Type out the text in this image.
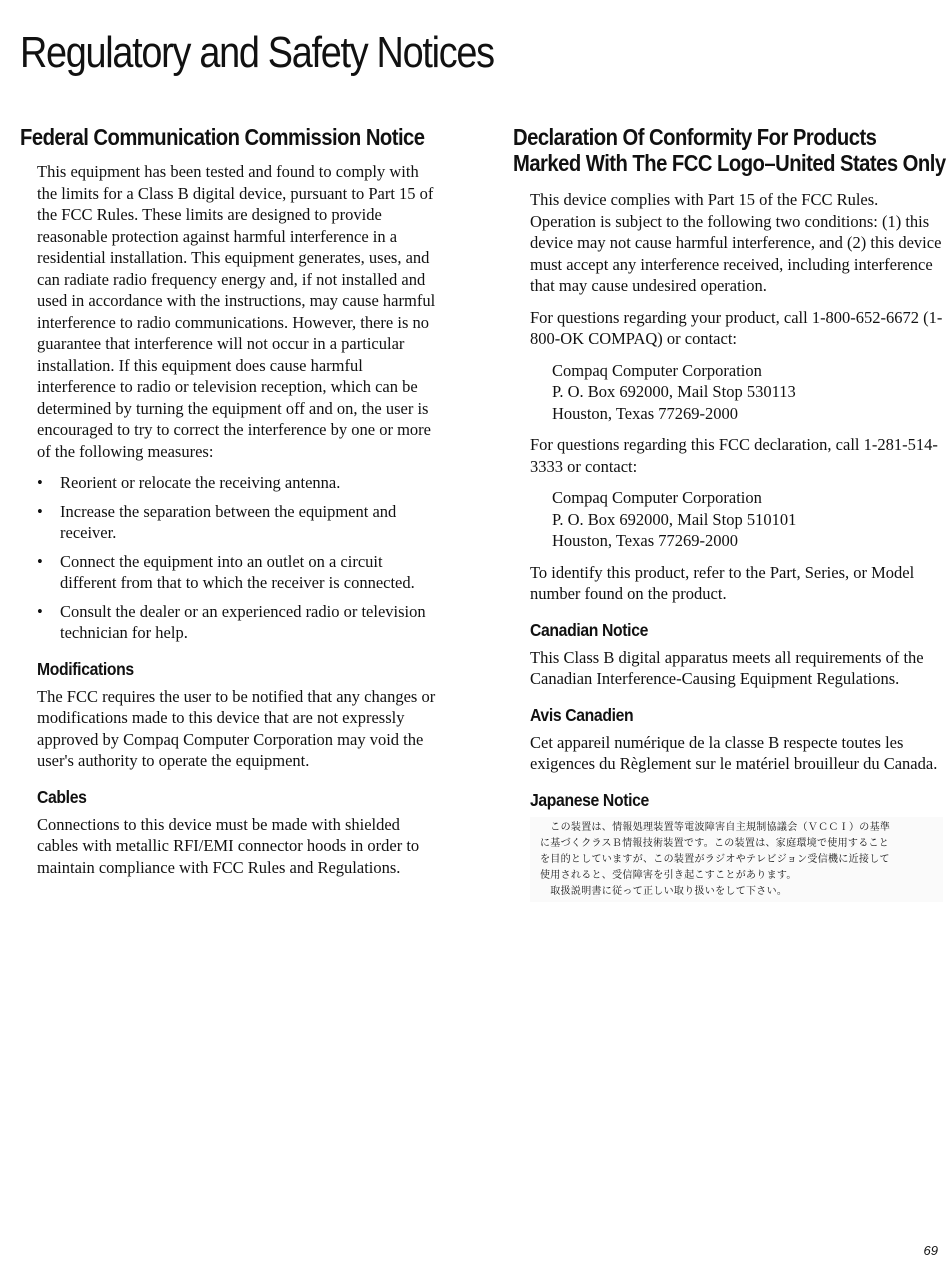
Regulatory and Safety Notices
Federal Communication Commission Notice

This equipment has been tested and found to comply with the limits for a Class B digital device, pursuant to Part 15 of the FCC Rules. These limits are designed to provide reasonable protection against harmful interference in a residential installation. This equipment generates, uses, and can radiate radio frequency energy and, if not installed and used in accordance with the instructions, may cause harmful interference to radio communications. However, there is no guarantee that interference will not occur in a particular installation. If this equipment does cause harmful interference to radio or television reception, which can be determined by turning the equipment off and on, the user is encouraged to try to correct the interference by one or more of the following measures:

• Reorient or relocate the receiving antenna.
• Increase the separation between the equipment and receiver.
• Connect the equipment into an outlet on a circuit different from that to which the receiver is connected.
• Consult the dealer or an experienced radio or television technician for help.
Modifications

The FCC requires the user to be notified that any changes or modifications made to this device that are not expressly approved by Compaq Computer Corporation may void the user's authority to operate the equipment.

Cables

Connections to this device must be made with shielded cables with metallic RFI/EMI connector hoods in order to maintain compliance with FCC Rules and Regulations.

Declaration Of Conformity For Products
Marked With The FCC Logo–United States Only

This device complies with Part 15 of the FCC Rules. Operation is subject to the following two conditions: (1) this device may not cause harmful interference, and (2) this device must accept any interference received, including interference that may cause undesired operation.

For questions regarding your product, call 1-800-652-6672 (1-800-OK COMPAQ) or contact:

Compaq Computer Corporation
P. O. Box 692000, Mail Stop 530113
Houston, Texas 77269-2000

For questions regarding this FCC declaration, call 1-281-514-3333 or contact:

Compaq Computer Corporation
P. O. Box 692000, Mail Stop 510101
Houston, Texas 77269-2000

To identify this product, refer to the Part, Series, or Model number found on the product.

Canadian Notice

This Class B digital apparatus meets all requirements of the Canadian Interference-Causing Equipment Regulations.

Avis Canadien

Cet appareil numérique de la classe B respecte toutes les exigences du Règlement sur le matériel brouilleur du Canada.

Japanese Notice
　この装置は、情報処理装置等電波障害自主規制協議会（ＶＣＣＩ）の基準
に基づくクラスＢ情報技術装置です。この装置は、家庭環境で使用すること
を目的としていますが、この装置がラジオやテレビジョン受信機に近接して
使用されると、受信障害を引き起こすことがあります。
　取扱説明書に従って正しい取り扱いをして下さい。
69
